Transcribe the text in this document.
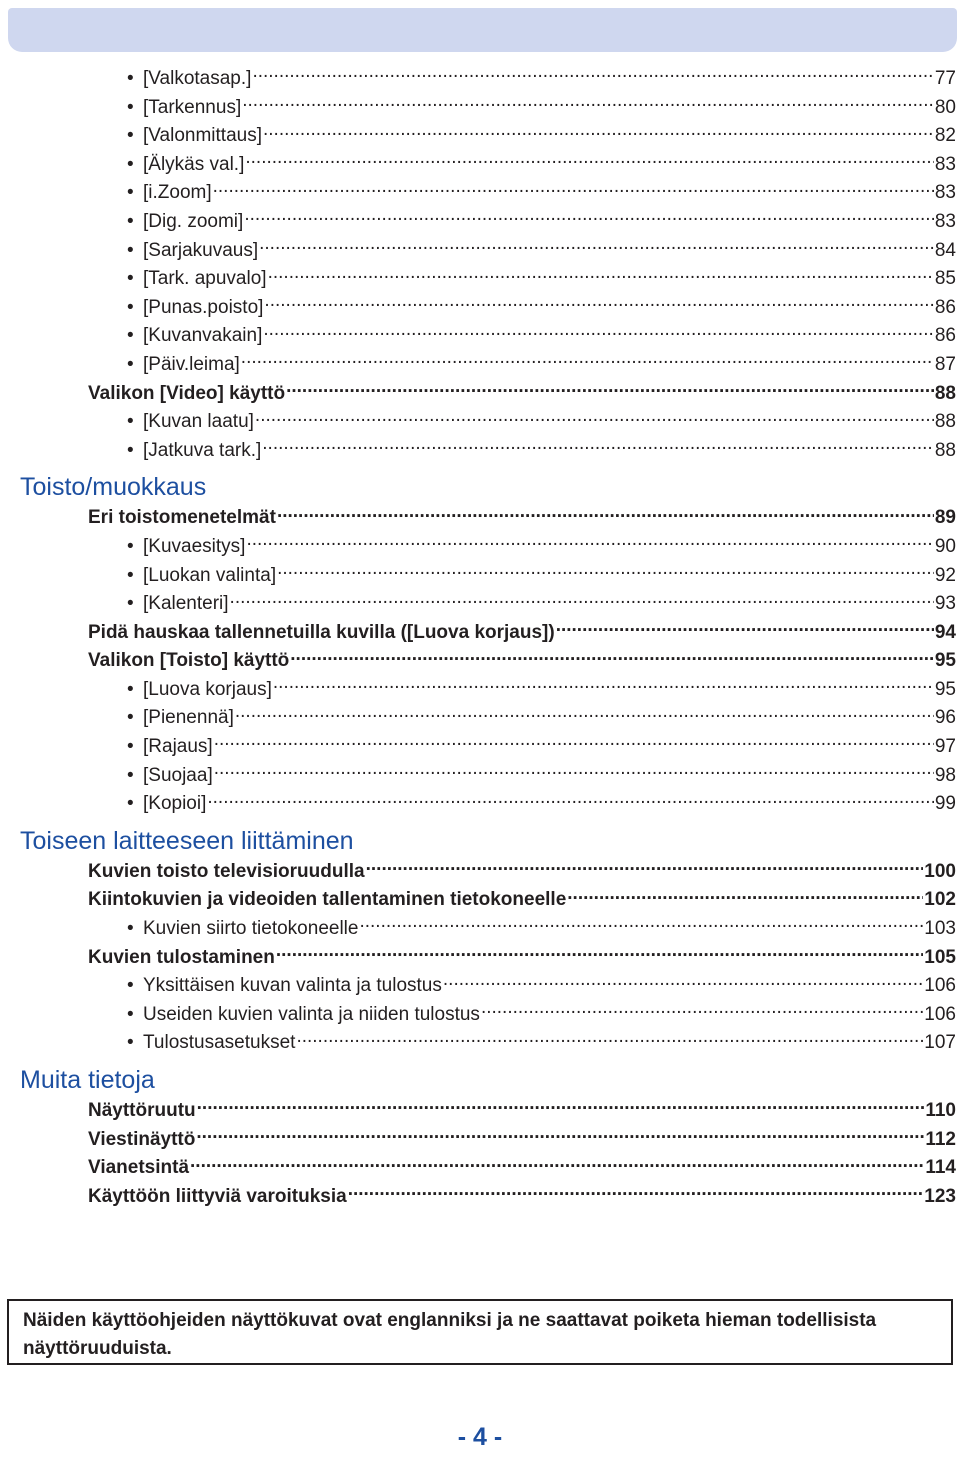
• [Valkotasap.] .....	77
• [Tarkennus] .....	80
• [Valonmittaus] .....	82
• [Älykäs val.] .....	83
• [i.Zoom] .....	83
• [Dig. zoomi] .....	83
• [Sarjakuvaus] .....	84
• [Tark. apuvalo] .....	85
• [Punas.poisto] .....	86
• [Kuvanvakain] .....	86
• [Päiv.leima] .....	87
Valikon [Video] käyttö .....	88
• [Kuvan laatu] .....	88
• [Jatkuva tark.] .....	88
Toisto/muokkaus
Eri toistomenetelmät .....	89
• [Kuvaesitys] .....	90
• [Luokan valinta] .....	92
• [Kalenteri] .....	93
Pidä hauskaa tallennetuilla kuvilla ([Luova korjaus]) .....	94
Valikon [Toisto] käyttö .....	95
• [Luova korjaus] .....	95
• [Pienennä] .....	96
• [Rajaus] .....	97
• [Suojaa] .....	98
• [Kopioi] .....	99
Toiseen laitteeseen liittäminen
Kuvien toisto televisioruudulla .....	100
Kiintokuvien ja videoiden tallentaminen tietokoneelle .....	102
• Kuvien siirto tietokoneelle .....	103
Kuvien tulostaminen .....	105
• Yksittäisen kuvan valinta ja tulostus .....	106
• Useiden kuvien valinta ja niiden tulostus .....	106
• Tulostusasetukset .....	107
Muita tietoja
Näyttöruutu .....	110
Viestinäyttö .....	112
Vianetsintä .....	114
Käyttöön liittyviä varoituksia .....	123
Näiden käyttöohjeiden näyttökuvat ovat englanniksi ja ne saattavat poiketa hieman todellisista näyttöruuduista.
- 4 -
